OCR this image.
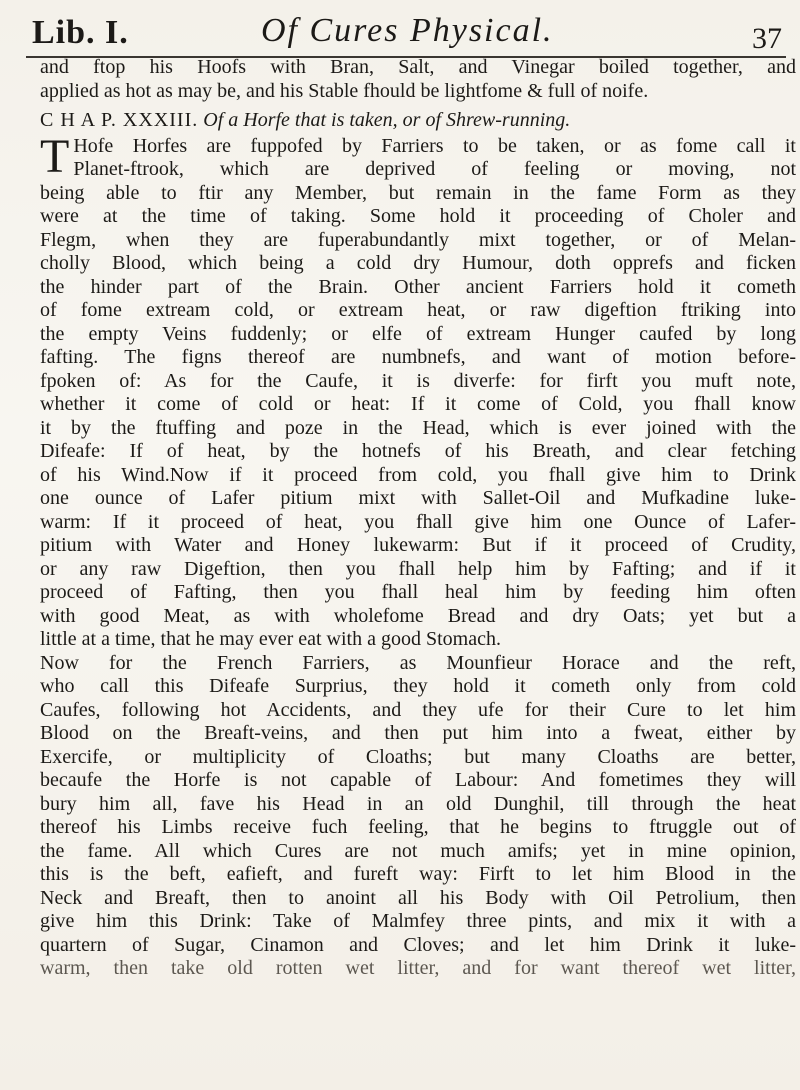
Lib. I.	Of Cures Physical.	37
and ftop his Hoofs with Bran, Salt, and Vinegar boiled together, and
applied as hot as may be, and his Stable fhould be lightfome & full of noife.
C H A P. XXXIII. Of a Horfe that is taken, or of Shrew-running.
T Hofe Horfes are fuppofed by Farriers to be taken, or as fome call it
Planet-ftrook, which are deprived of feeling or moving, not
being able to ftir any Member, but remain in the fame Form as they
were at the time of taking. Some hold it proceeding of Choler and
Flegm, when they are fuperabundantly mixt together, or of Melan-
cholly Blood, which being a cold dry Humour, doth opprefs and ficken
the hinder part of the Brain. Other ancient Farriers hold it cometh
of fome extream cold, or extream heat, or raw digeftion ftriking into
the empty Veins fuddenly; or elfe of extream Hunger caufed by long
fafting. The figns thereof are numbnefs, and want of motion before-
fpoken of: As for the Caufe, it is diverfe: for firft you muft note,
whether it come of cold or heat: If it come of Cold, you fhall know
it by the ftuffing and poze in the Head, which is ever joined with the
Difeafe: If of heat, by the hotnefs of his Breath, and clear fetching
of his Wind.Now if it proceed from cold, you fhall give him to Drink
one ounce of Lafer pitium mixt with Sallet-Oil and Mufkadine luke-
warm: If it proceed of heat, you fhall give him one Ounce of Lafer-
pitium with Water and Honey lukewarm: But if it proceed of Crudity,
or any raw Digeftion, then you fhall help him by Fafting; and if it
proceed of Fafting, then you fhall heal him by feeding him often
with good Meat, as with wholefome Bread and dry Oats; yet but a
little at a time, that he may ever eat with a good Stomach.
Now for the French Farriers, as Mounfieur Horace and the reft,
who call this Difeafe Surprius, they hold it cometh only from cold
Caufes, following hot Accidents, and they ufe for their Cure to let him
Blood on the Breaft-veins, and then put him into a fweat, either by
Exercife, or multiplicity of Cloaths; but many Cloaths are better,
becaufe the Horfe is not capable of Labour: And fometimes they will
bury him all, fave his Head in an old Dunghil, till through the heat
thereof his Limbs receive fuch feeling, that he begins to ftruggle out of
the fame. All which Cures are not much amifs; yet in mine opinion,
this is the beft, eafieft, and fureft way: Firft to let him Blood in the
Neck and Breaft, then to anoint all his Body with Oil Petrolium, then
give him this Drink: Take of Malmfey three pints, and mix it with a
quartern of Sugar, Cinamon and Cloves; and let him Drink it luke-
warm, then take old rotten wet litter, and for want thereof wet litter,
